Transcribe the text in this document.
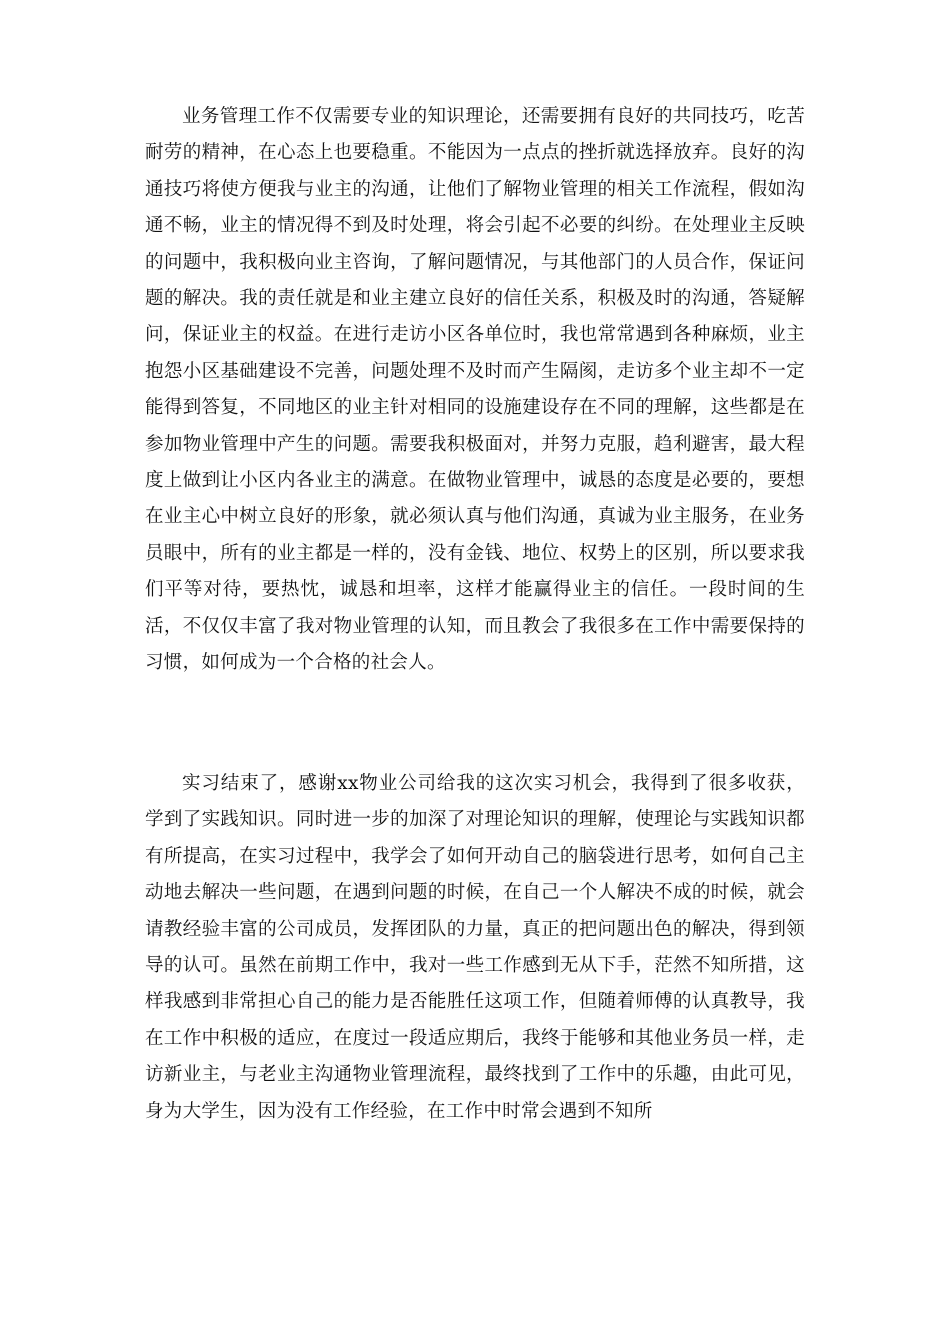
业务管理工作不仅需要专业的知识理论，还需要拥有良好的共同技巧，吃苦耐劳的精神，在心态上也要稳重。不能因为一点点的挫折就选择放弃。良好的沟通技巧将使方便我与业主的沟通，让他们了解物业管理的相关工作流程，假如沟通不畅，业主的情况得不到及时处理，将会引起不必要的纠纷。在处理业主反映的问题中，我积极向业主咨询，了解问题情况，与其他部门的人员合作，保证问题的解决。我的责任就是和业主建立良好的信任关系，积极及时的沟通，答疑解问，保证业主的权益。在进行走访小区各单位时，我也常常遇到各种麻烦，业主抱怨小区基础建设不完善，问题处理不及时而产生隔阂，走访多个业主却不一定能得到答复，不同地区的业主针对相同的设施建设存在不同的理解，这些都是在参加物业管理中产生的问题。需要我积极面对，并努力克服，趋利避害，最大程度上做到让小区内各业主的满意。在做物业管理中，诚恳的态度是必要的，要想在业主心中树立良好的形象，就必须认真与他们沟通，真诚为业主服务，在业务员眼中，所有的业主都是一样的，没有金钱、地位、权势上的区别，所以要求我们平等对待，要热忱，诚恳和坦率，这样才能赢得业主的信任。一段时间的生活，不仅仅丰富了我对物业管理的认知，而且教会了我很多在工作中需要保持的习惯，如何成为一个合格的社会人。

实习结束了，感谢xx物业公司给我的这次实习机会，我得到了很多收获，学到了实践知识。同时进一步的加深了对理论知识的理解，使理论与实践知识都有所提高，在实习过程中，我学会了如何开动自己的脑袋进行思考，如何自己主动地去解决一些问题，在遇到问题的时候，在自己一个人解决不成的时候，就会请教经验丰富的公司成员，发挥团队的力量，真正的把问题出色的解决，得到领导的认可。虽然在前期工作中，我对一些工作感到无从下手，茫然不知所措，这样我感到非常担心自己的能力是否能胜任这项工作，但随着师傅的认真教导，我在工作中积极的适应，在度过一段适应期后，我终于能够和其他业务员一样，走访新业主，与老业主沟通物业管理流程，最终找到了工作中的乐趣，由此可见，身为大学生，因为没有工作经验，在工作中时常会遇到不知所
